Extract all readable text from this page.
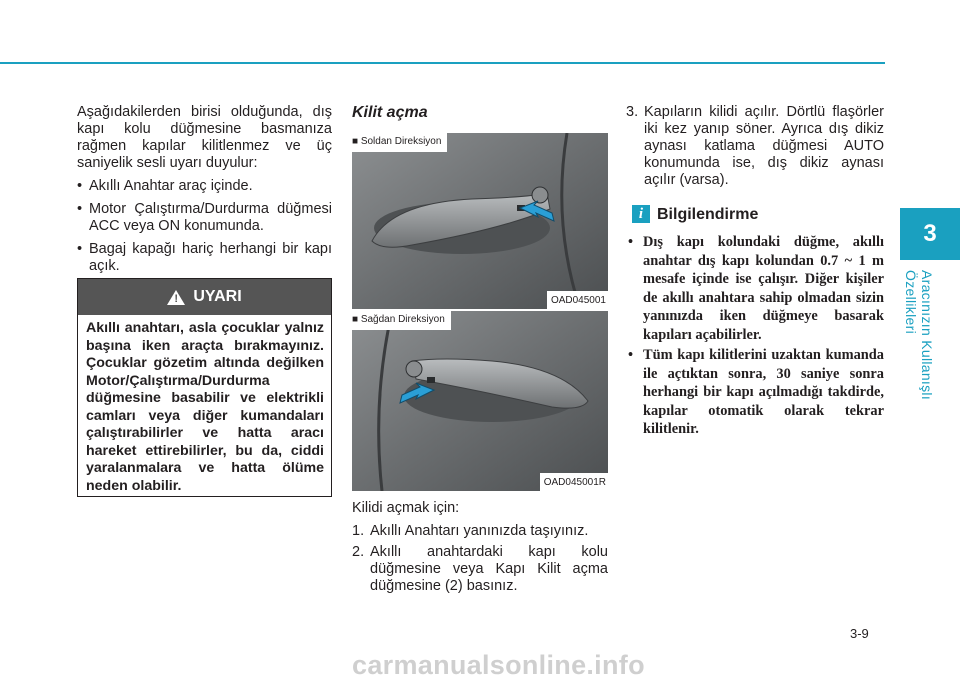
3
Aracınızın Kullanışlı Özellikleri

Aşağıdakilerden birisi olduğunda, dış kapı kolu düğmesine basmanıza rağmen kapılar kilitlenmez ve üç saniyelik sesli uyarı duyulur:

• Akıllı Anahtar araç içinde.
• Motor Çalıştırma/Durdurma düğmesi ACC veya ON konumunda.
• Bagaj kapağı hariç herhangi bir kapı açık.
! UYARI
Akıllı anahtarı, asla çocuklar yalnız başına iken araçta bırakmayınız. Çocuklar gözetim altında değilken Motor/Çalıştırma/Durdurma düğmesine basabilir ve elektrikli camları veya diğer kumandaları çalıştırabilirler ve hatta aracı hareket ettirebilirler, bu da, ciddi yaralanmalara ve hatta ölüme neden olabilir.
Kilit açma
■ Soldan Direksiyon
OAD045001
■ Sağdan Direksiyon
OAD045001R

Kilidi açmak için:

1. Akıllı Anahtarı yanınızda taşıyınız.
2. Akıllı anahtardaki kapı kolu düğmesine veya Kapı Kilit açma düğmesine (2) basınız.
3. Kapıların kilidi açılır. Dörtlü flaşörler iki kez yanıp söner. Ayrıca dış dikiz aynası katlama düğmesi AUTO konumunda ise, dış dikiz aynası açılır (varsa).
i Bilgilendirme
• Dış kapı kolundaki düğme, akıllı anahtar dış kapı kolundan 0.7 ~ 1 m mesafe içinde ise çalışır. Diğer kişiler de akıllı anahtara sahip olmadan sizin yanınızda iken düğmeye basarak kapıları açabilirler.
• Tüm kapı kilitlerini uzaktan kumanda ile açtıktan sonra, 30 saniye sonra herhangi bir kapı açılmadığı takdirde, kapılar otomatik olarak tekrar kilitlenir.
3-9
carmanualsonline.info
